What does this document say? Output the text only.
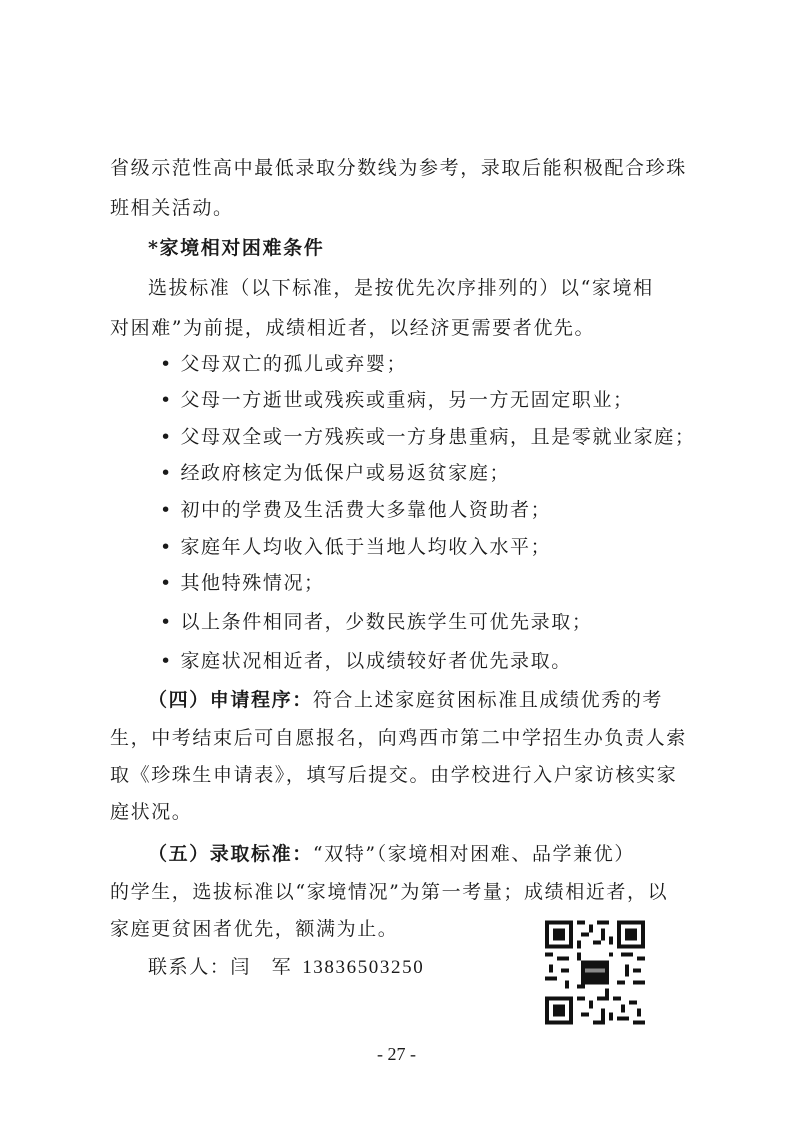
省级示范性高中最低录取分数线为参考，录取后能积极配合珍珠
班相关活动。
*家境相对困难条件
选拔标准（以下标准，是按优先次序排列的）以“家境相
对困难”为前提，成绩相近者，以经济更需要者优先。
• 父母双亡的孤儿或弃婴；
• 父母一方逝世或残疾或重病，另一方无固定职业；
• 父母双全或一方残疾或一方身患重病，且是零就业家庭；
• 经政府核定为低保户或易返贫家庭；
• 初中的学费及生活费大多靠他人资助者；
• 家庭年人均收入低于当地人均收入水平；
• 其他特殊情况；
• 以上条件相同者，少数民族学生可优先录取；
• 家庭状况相近者，以成绩较好者优先录取。
（四）申请程序：符合上述家庭贫困标准且成绩优秀的考
生，中考结束后可自愿报名，向鸡西市第二中学招生办负责人索
取《珍珠生申请表》，填写后提交。由学校进行入户家访核实家
庭状况。
（五）录取标准：“双特”（家境相对困难、品学兼优）
的学生，选拔标准以“家境情况”为第一考量；成绩相近者，以
家庭更贫困者优先，额满为止。
联系人：闫　军 13836503250
- 27 -
